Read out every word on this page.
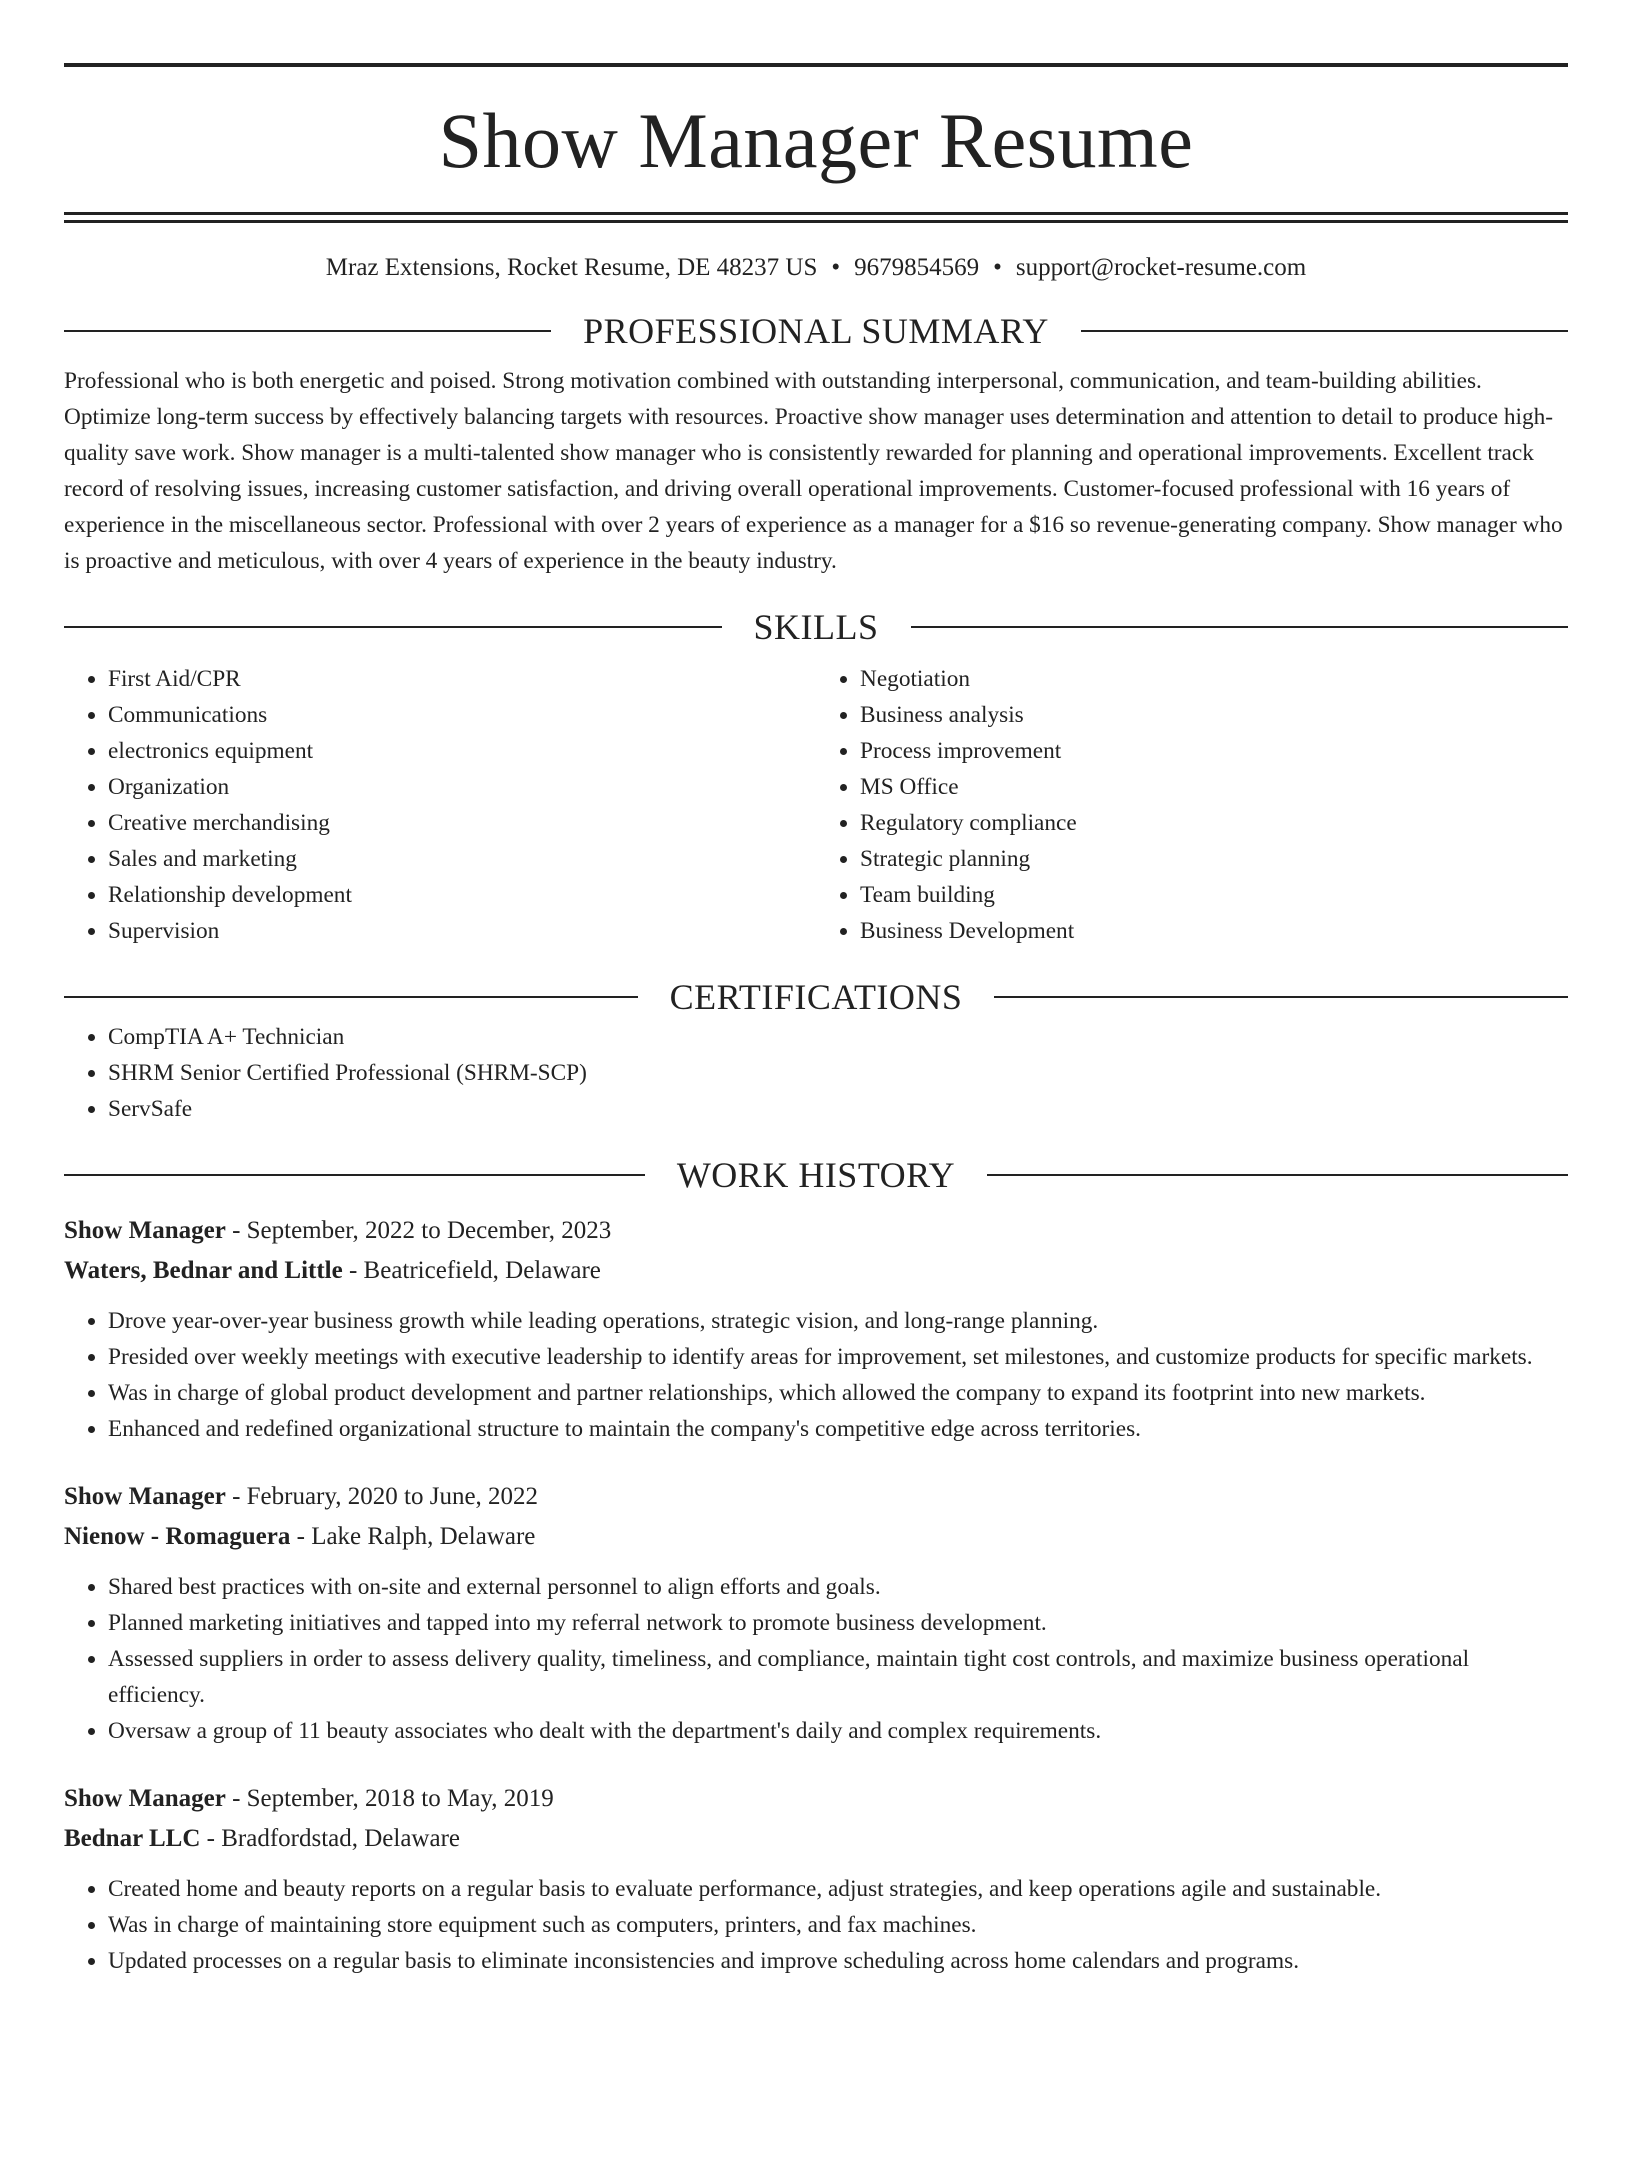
Show Manager Resume
Mraz Extensions, Rocket Resume, DE 48237 US • 9679854569 • support@rocket-resume.com
PROFESSIONAL SUMMARY

Professional who is both energetic and poised. Strong motivation combined with outstanding interpersonal, communication, and team-building abilities. Optimize long-term success by effectively balancing targets with resources. Proactive show manager uses determination and attention to detail to produce high-quality save work. Show manager is a multi-talented show manager who is consistently rewarded for planning and operational improvements. Excellent track record of resolving issues, increasing customer satisfaction, and driving overall operational improvements. Customer-focused professional with 16 years of experience in the miscellaneous sector. Professional with over 2 years of experience as a manager for a $16 so revenue-generating company. Show manager who is proactive and meticulous, with over 4 years of experience in the beauty industry.

SKILLS
• First Aid/CPR
• Communications
• electronics equipment
• Organization
• Creative merchandising
• Sales and marketing
• Relationship development
• Supervision
• Negotiation
• Business analysis
• Process improvement
• MS Office
• Regulatory compliance
• Strategic planning
• Team building
• Business Development
CERTIFICATIONS
• CompTIA A+ Technician
• SHRM Senior Certified Professional (SHRM-SCP)
• ServSafe
WORK HISTORY
Show Manager - September, 2022 to December, 2023
Waters, Bednar and Little - Beatricefield, Delaware
• Drove year-over-year business growth while leading operations, strategic vision, and long-range planning.
• Presided over weekly meetings with executive leadership to identify areas for improvement, set milestones, and customize products for specific markets.
• Was in charge of global product development and partner relationships, which allowed the company to expand its footprint into new markets.
• Enhanced and redefined organizational structure to maintain the company's competitive edge across territories.
Show Manager - February, 2020 to June, 2022
Nienow - Romaguera - Lake Ralph, Delaware
• Shared best practices with on-site and external personnel to align efforts and goals.
• Planned marketing initiatives and tapped into my referral network to promote business development.
• Assessed suppliers in order to assess delivery quality, timeliness, and compliance, maintain tight cost controls, and maximize business operational efficiency.
• Oversaw a group of 11 beauty associates who dealt with the department's daily and complex requirements.
Show Manager - September, 2018 to May, 2019
Bednar LLC - Bradfordstad, Delaware
• Created home and beauty reports on a regular basis to evaluate performance, adjust strategies, and keep operations agile and sustainable.
• Was in charge of maintaining store equipment such as computers, printers, and fax machines.
• Updated processes on a regular basis to eliminate inconsistencies and improve scheduling across home calendars and programs.
